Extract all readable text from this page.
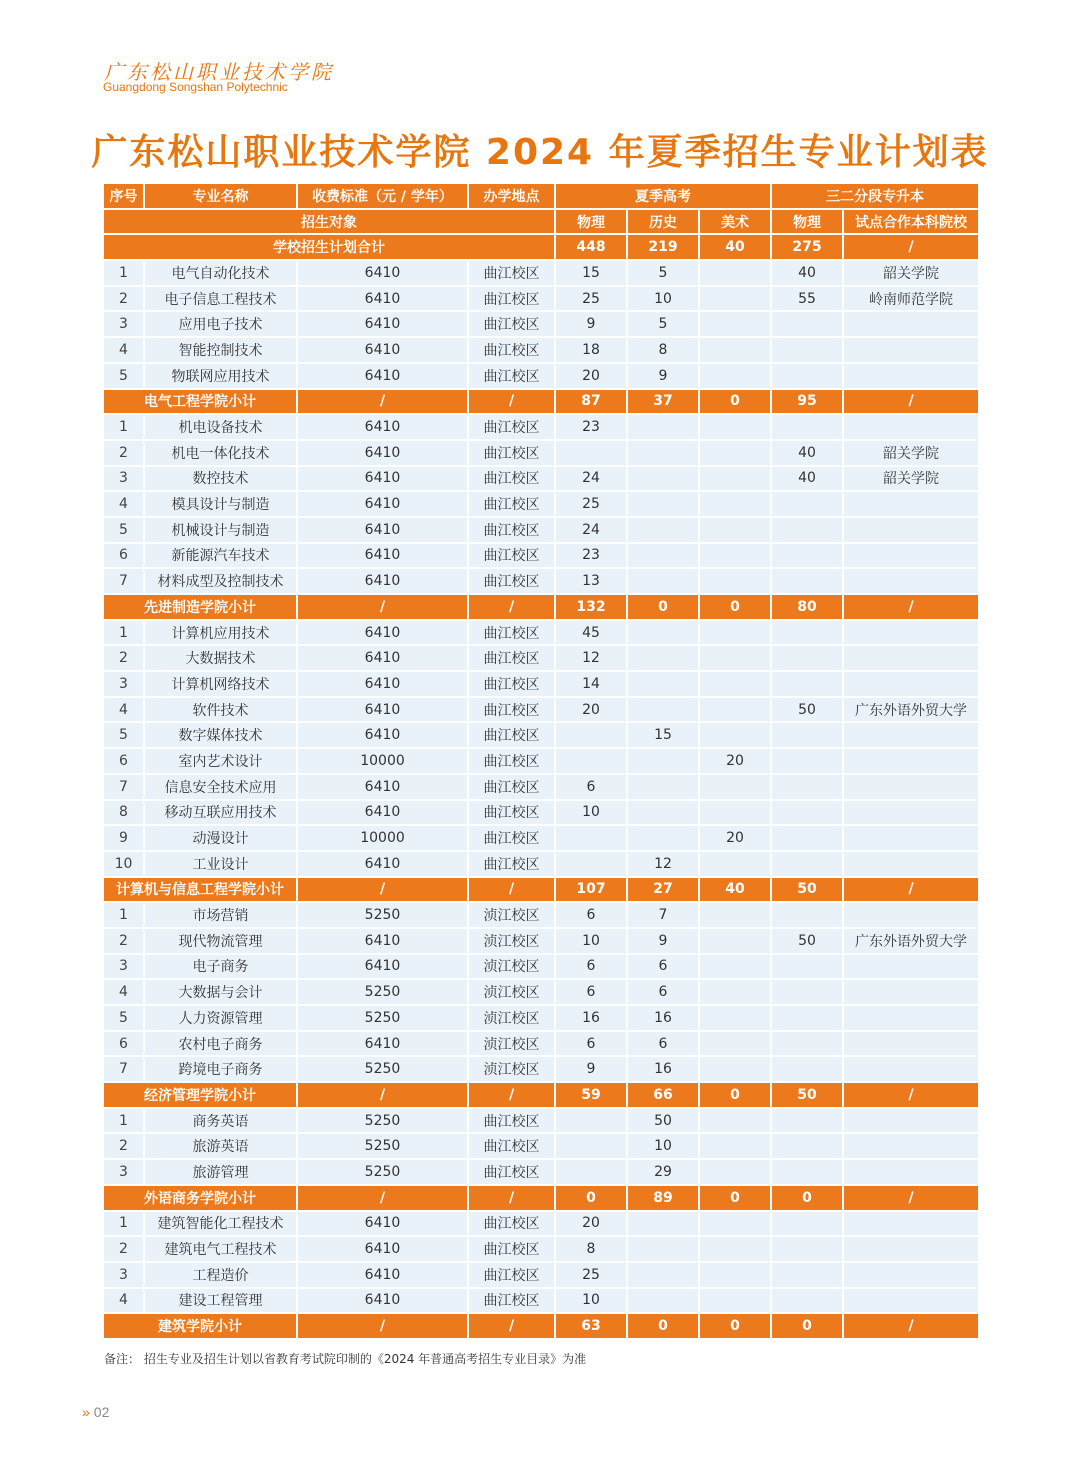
广东松山职业技术学院
Guangdong Songshan Polytechnic
广东松山职业技术学院 2024 年夏季招生专业计划表
序号	专业名称	收费标准（元 / 学年）	办学地点	夏季高考			三二分段专升本	
招生对象				物理	历史	美术	物理	试点合作本科院校
学校招生计划合计				448	219	40	275	/
1	电气自动化技术	6410	曲江校区	15	5		40	韶关学院
2	电子信息工程技术	6410	曲江校区	25	10		55	岭南师范学院
3	应用电子技术	6410	曲江校区	9	5			
4	智能控制技术	6410	曲江校区	18	8			
5	物联网应用技术	6410	曲江校区	20	9			
电气工程学院小计		/	/	87	37	0	95	/
1	机电设备技术	6410	曲江校区	23				
2	机电一体化技术	6410	曲江校区				40	韶关学院
3	数控技术	6410	曲江校区	24			40	韶关学院
4	模具设计与制造	6410	曲江校区	25				
5	机械设计与制造	6410	曲江校区	24				
6	新能源汽车技术	6410	曲江校区	23				
7	材料成型及控制技术	6410	曲江校区	13				
先进制造学院小计		/	/	132	0	0	80	/
1	计算机应用技术	6410	曲江校区	45				
2	大数据技术	6410	曲江校区	12				
3	计算机网络技术	6410	曲江校区	14				
4	软件技术	6410	曲江校区	20			50	广东外语外贸大学
5	数字媒体技术	6410	曲江校区		15			
6	室内艺术设计	10000	曲江校区			20		
7	信息安全技术应用	6410	曲江校区	6				
8	移动互联应用技术	6410	曲江校区	10				
9	动漫设计	10000	曲江校区			20		
10	工业设计	6410	曲江校区		12			
计算机与信息工程学院小计		/	/	107	27	40	50	/
1	市场营销	5250	浈江校区	6	7			
2	现代物流管理	6410	浈江校区	10	9		50	广东外语外贸大学
3	电子商务	6410	浈江校区	6	6			
4	大数据与会计	5250	浈江校区	6	6			
5	人力资源管理	5250	浈江校区	16	16			
6	农村电子商务	6410	浈江校区	6	6			
7	跨境电子商务	5250	浈江校区	9	16			
经济管理学院小计		/	/	59	66	0	50	/
1	商务英语	5250	曲江校区		50			
2	旅游英语	5250	曲江校区		10			
3	旅游管理	5250	曲江校区		29			
外语商务学院小计		/	/	0	89	0	0	/
1	建筑智能化工程技术	6410	曲江校区	20				
2	建筑电气工程技术	6410	曲江校区	8				
3	工程造价	6410	曲江校区	25				
4	建设工程管理	6410	曲江校区	10				
建筑学院小计		/	/	63	0	0	0	/
备注： 招生专业及招生计划以省教育考试院印制的《2024 年普通高考招生专业目录》为准
» 02
